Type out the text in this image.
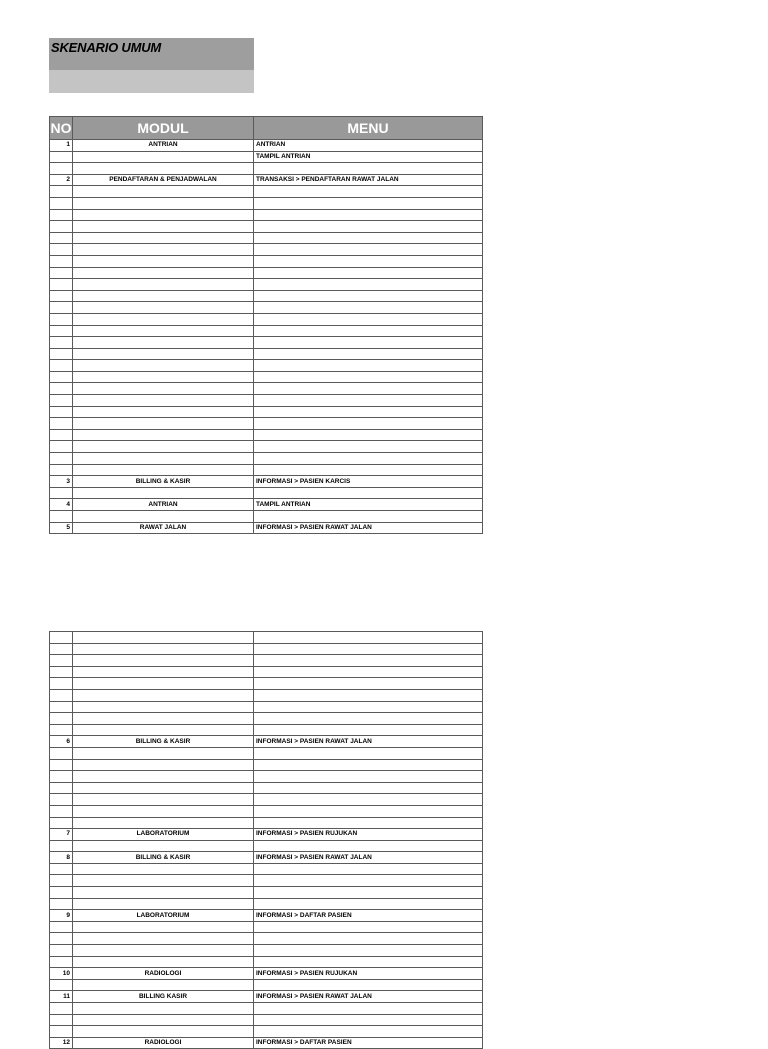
SKENARIO UMUM
NO	MODUL	MENU
1	ANTRIAN	ANTRIAN
		TAMPIL ANTRIAN

2	PENDAFTARAN & PENJADWALAN	TRANSAKSI > PENDAFTARAN RAWAT JALAN

3	BILLING & KASIR	INFORMASI > PASIEN KARCIS

4	ANTRIAN	TAMPIL ANTRIAN

5	RAWAT JALAN	INFORMASI > PASIEN RAWAT JALAN

6	BILLING & KASIR	INFORMASI > PASIEN RAWAT JALAN

7	LABORATORIUM	INFORMASI > PASIEN RUJUKAN

8	BILLING & KASIR	INFORMASI > PASIEN RAWAT JALAN

9	LABORATORIUM	INFORMASI > DAFTAR PASIEN

10	RADIOLOGI	INFORMASI > PASIEN RUJUKAN

11	BILLING KASIR	INFORMASI > PASIEN RAWAT JALAN

12	RADIOLOGI	INFORMASI > DAFTAR PASIEN
